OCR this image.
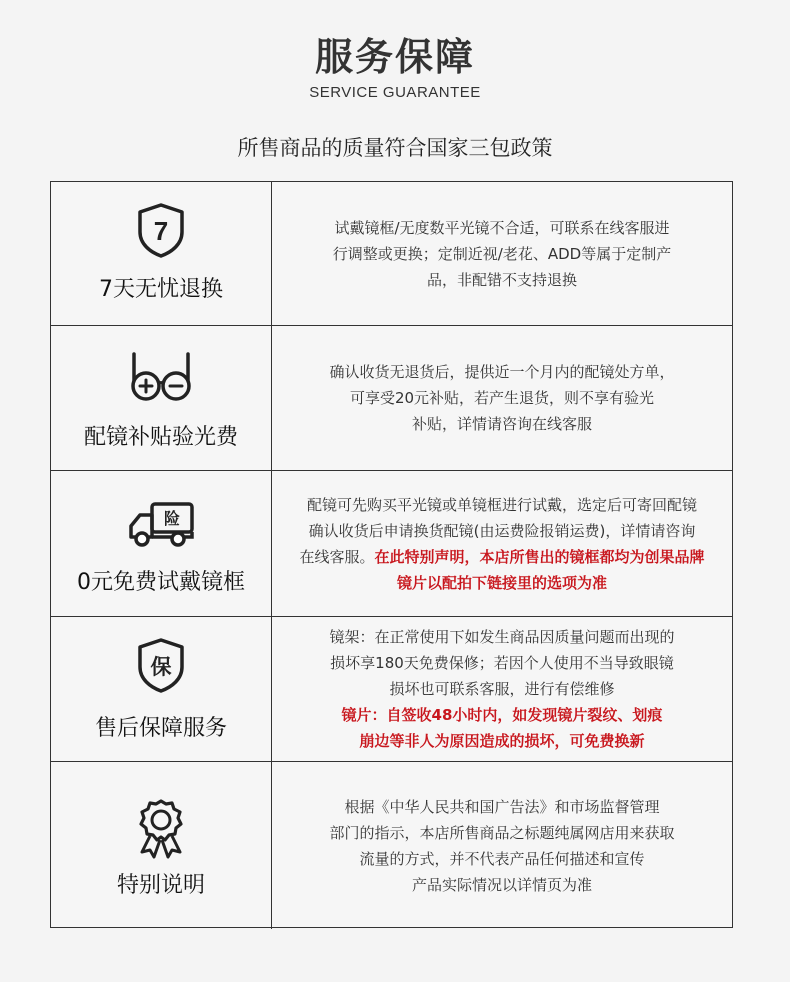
服务保障
SERVICE GUARANTEE
所售商品的质量符合国家三包政策
7
7天无忧退换
试戴镜框/无度数平光镜不合适，可联系在线客服进
行调整或更换；定制近视/老花、ADD等属于定制产
品，非配错不支持退换
配镜补贴验光费
确认收货无退货后，提供近一个月内的配镜处方单，
可享受20元补贴，若产生退货，则不享有验光
补贴，详情请咨询在线客服
险
0元免费试戴镜框
配镜可先购买平光镜或单镜框进行试戴，选定后可寄回配镜
确认收货后申请换货配镜(由运费险报销运费)，详情请咨询
在线客服。在此特别声明，本店所售出的镜框都均为创果品牌
镜片以配拍下链接里的选项为准
保
售后保障服务
镜架：在正常使用下如发生商品因质量问题而出现的
损坏享180天免费保修；若因个人使用不当导致眼镜
损坏也可联系客服，进行有偿维修
镜片：自签收48小时内，如发现镜片裂纹、划痕
崩边等非人为原因造成的损坏，可免费换新
特别说明
根据《中华人民共和国广告法》和市场监督管理
部门的指示，本店所售商品之标题纯属网店用来获取
流量的方式，并不代表产品任何描述和宣传
产品实际情况以详情页为准
